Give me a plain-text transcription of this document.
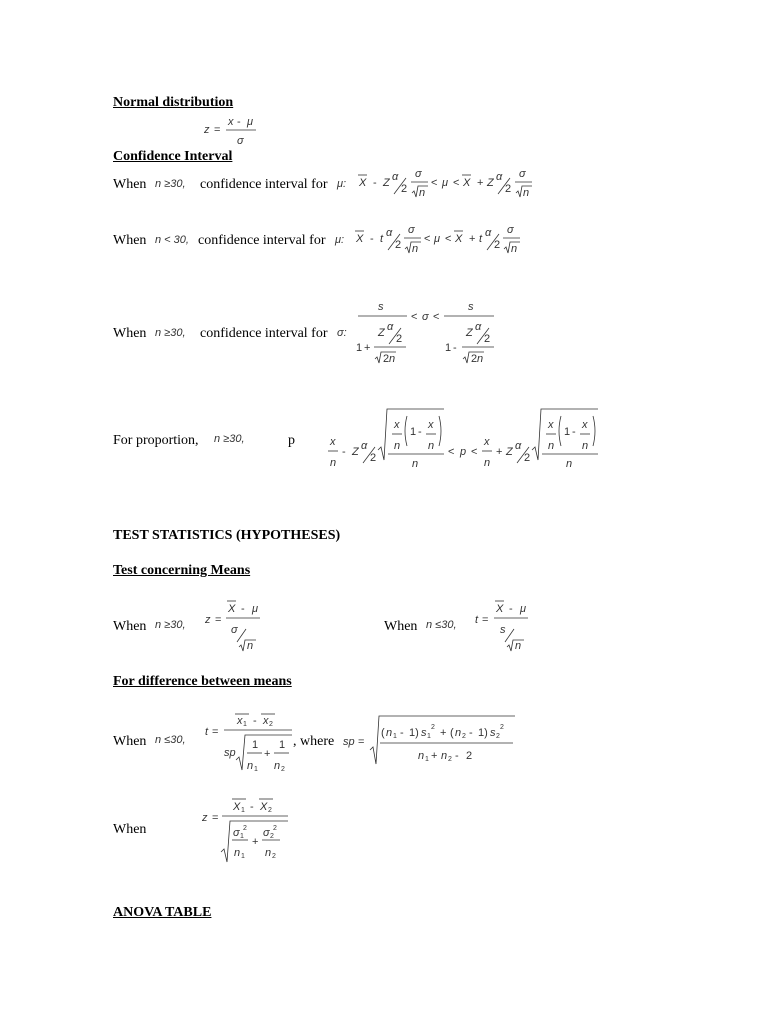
Normal distribution
z =
x - μ
σ
Confidence Interval
When n ≥30, confidence interval for μ: X - Z α
2
σ
n
< μ < X + Z α
2
σ
n
When n < 30, confidence interval for μ: X - t α
2
σ
n
< μ < X + t α
2
σ
n
When n ≥30, confidence interval for σ:
s
1 +
Z α
2
2 n
< σ <
s
1 -
Z α
2
2 n
For proportion, n ≥30,	p	x
n
- Z α
2
x
n
1 -
x
n
n
< p <
x
n
+ Z α
2
x
n
1 -
x
n
n
TEST STATISTICS (HYPOTHESES)
Test concerning Means
When n ≥30, z =
X - μ
σ
n
When n ≤30, t =
X - μ
s
n
For difference between means
When n ≤30,
t =
x 1 - x 2
sp
1
n 1
+
1
n 2
, where sp =
( n 1 - 1) s 1
2 + ( n 2 - 1) s 2
2
n 1 + n 2 - 2
When
z =
X 1 - X 2
σ 1
2
n 1
+
σ 2
2
n 2
ANOVA TABLE
